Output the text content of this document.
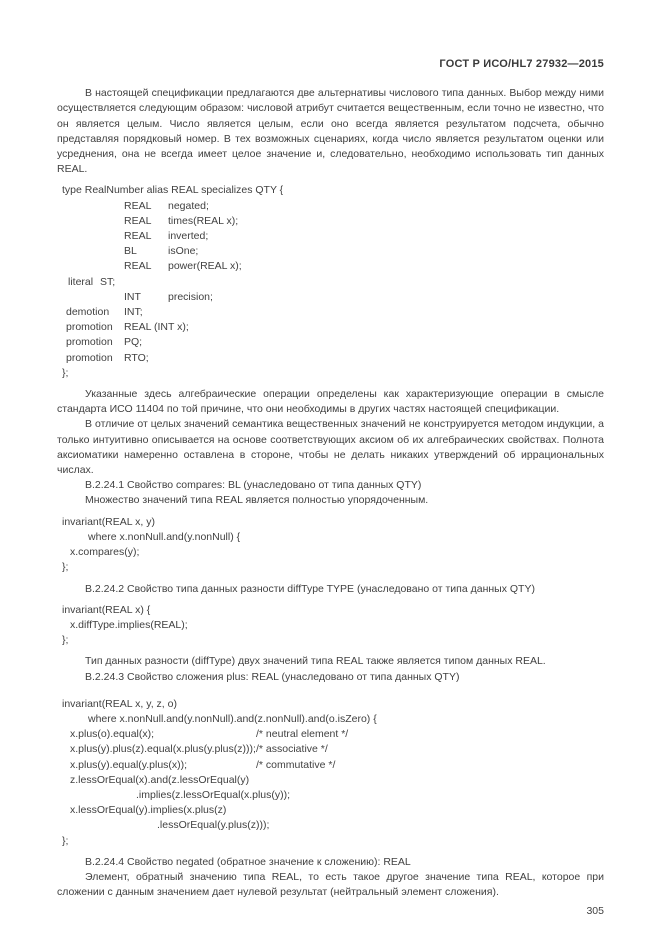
ГОСТ Р ИСО/HL7 27932—2015

В настоящей спецификации предлагаются две альтернативы числового типа данных. Выбор между ними осуществляется следующим образом: числовой атрибут считается вещественным, если точно не известно, что он является целым. Число является целым, если оно всегда является результатом подсчета, обычно представляя порядковый номер. В тех возможных сценариях, когда число является результатом оценки или усреднения, она не всегда имеет целое значение и, следовательно, необходимо использовать тип данных REAL.

type RealNumber alias REAL specializes QTY {
REAL negated;
REAL times(REAL x);
REAL inverted;
BL	isOne;
REAL power(REAL x);
literal ST;
INT	precision;
demotion INT;
promotion REAL (INT x);
promotion PQ;
promotion RTO;
};

Указанные здесь алгебраические операции определены как характеризующие операции в смысле стандарта ИСО 11404 по той причине, что они необходимы в других частях настоящей спецификации.

В отличие от целых значений семантика вещественных значений не конструируется методом индукции, а только интуитивно описывается на основе соответствующих аксиом об их алгебраических свойствах. Полнота аксиоматики намеренно оставлена в стороне, чтобы не делать никаких утверждений об иррациональных числах.

В.2.24.1 Свойство compares: BL (унаследовано от типа данных QTY)

Множество значений типа REAL является полностью упорядоченным.

invariant(REAL x, y)
where x.nonNull.and(y.nonNull) {
x.compares(y);
};

В.2.24.2 Свойство типа данных разности diffType TYPE (унаследовано от типа данных QTY)

invariant(REAL x) {
x.diffType.implies(REAL);
};

Тип данных разности (diffType) двух значений типа REAL также является типом данных REAL.

В.2.24.3 Свойство сложения plus: REAL (унаследовано от типа данных QTY)

invariant(REAL x, y, z, o)
where x.nonNull.and(y.nonNull).and(z.nonNull).and(o.isZero) {
x.plus(o).equal(x);	/* neutral element */
x.plus(y).plus(z).equal(x.plus(y.plus(z)));/* associative */
x.plus(y).equal(y.plus(x));	/* commutative */
z.lessOrEqual(x).and(z.lessOrEqual(y)
.implies(z.lessOrEqual(x.plus(y));
x.lessOrEqual(y).implies(x.plus(z)
.lessOrEqual(y.plus(z)));
};

В.2.24.4 Свойство negated (обратное значение к сложению): REAL

Элемент, обратный значению типа REAL, то есть такое другое значение типа REAL, которое при сложении с данным значением дает нулевой результат (нейтральный элемент сложения).

305
